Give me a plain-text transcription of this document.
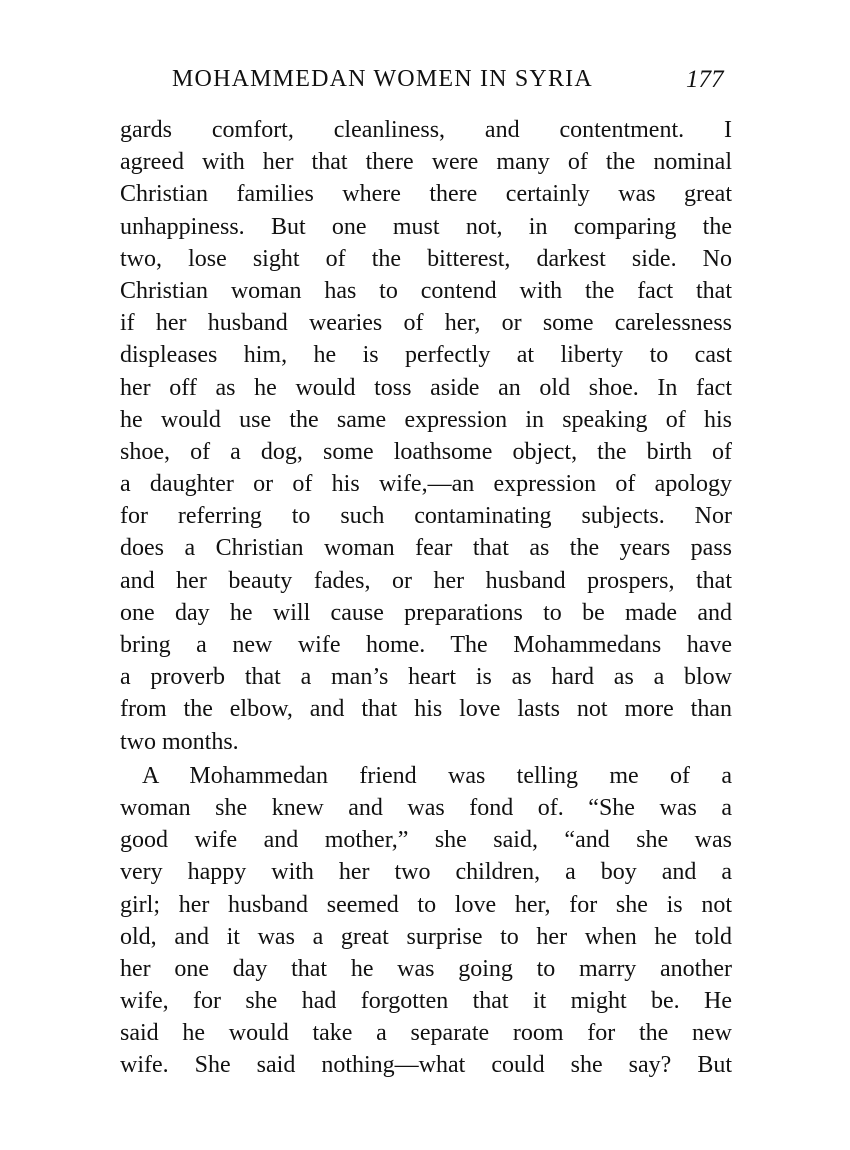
MOHAMMEDAN WOMEN IN SYRIA	177
gards comfort, cleanliness, and contentment. I
agreed with her that there were many of the nominal
Christian families where there certainly was great
unhappiness. But one must not, in comparing the
two, lose sight of the bitterest, darkest side. No
Christian woman has to contend with the fact that
if her husband wearies of her, or some carelessness
displeases him, he is perfectly at liberty to cast
her off as he would toss aside an old shoe. In fact
he would use the same expression in speaking of his
shoe, of a dog, some loathsome object, the birth of
a daughter or of his wife,—an expression of apology
for referring to such contaminating subjects. Nor
does a Christian woman fear that as the years pass
and her beauty fades, or her husband prospers, that
one day he will cause preparations to be made and
bring a new wife home. The Mohammedans have
a proverb that a man’s heart is as hard as a blow
from the elbow, and that his love lasts not more than
two months.
A Mohammedan friend was telling me of a
woman she knew and was fond of. “She was a
good wife and mother,” she said, “and she was
very happy with her two children, a boy and a
girl; her husband seemed to love her, for she is not
old, and it was a great surprise to her when he told
her one day that he was going to marry another
wife, for she had forgotten that it might be. He
said he would take a separate room for the new
wife. She said nothing—what could she say? But
